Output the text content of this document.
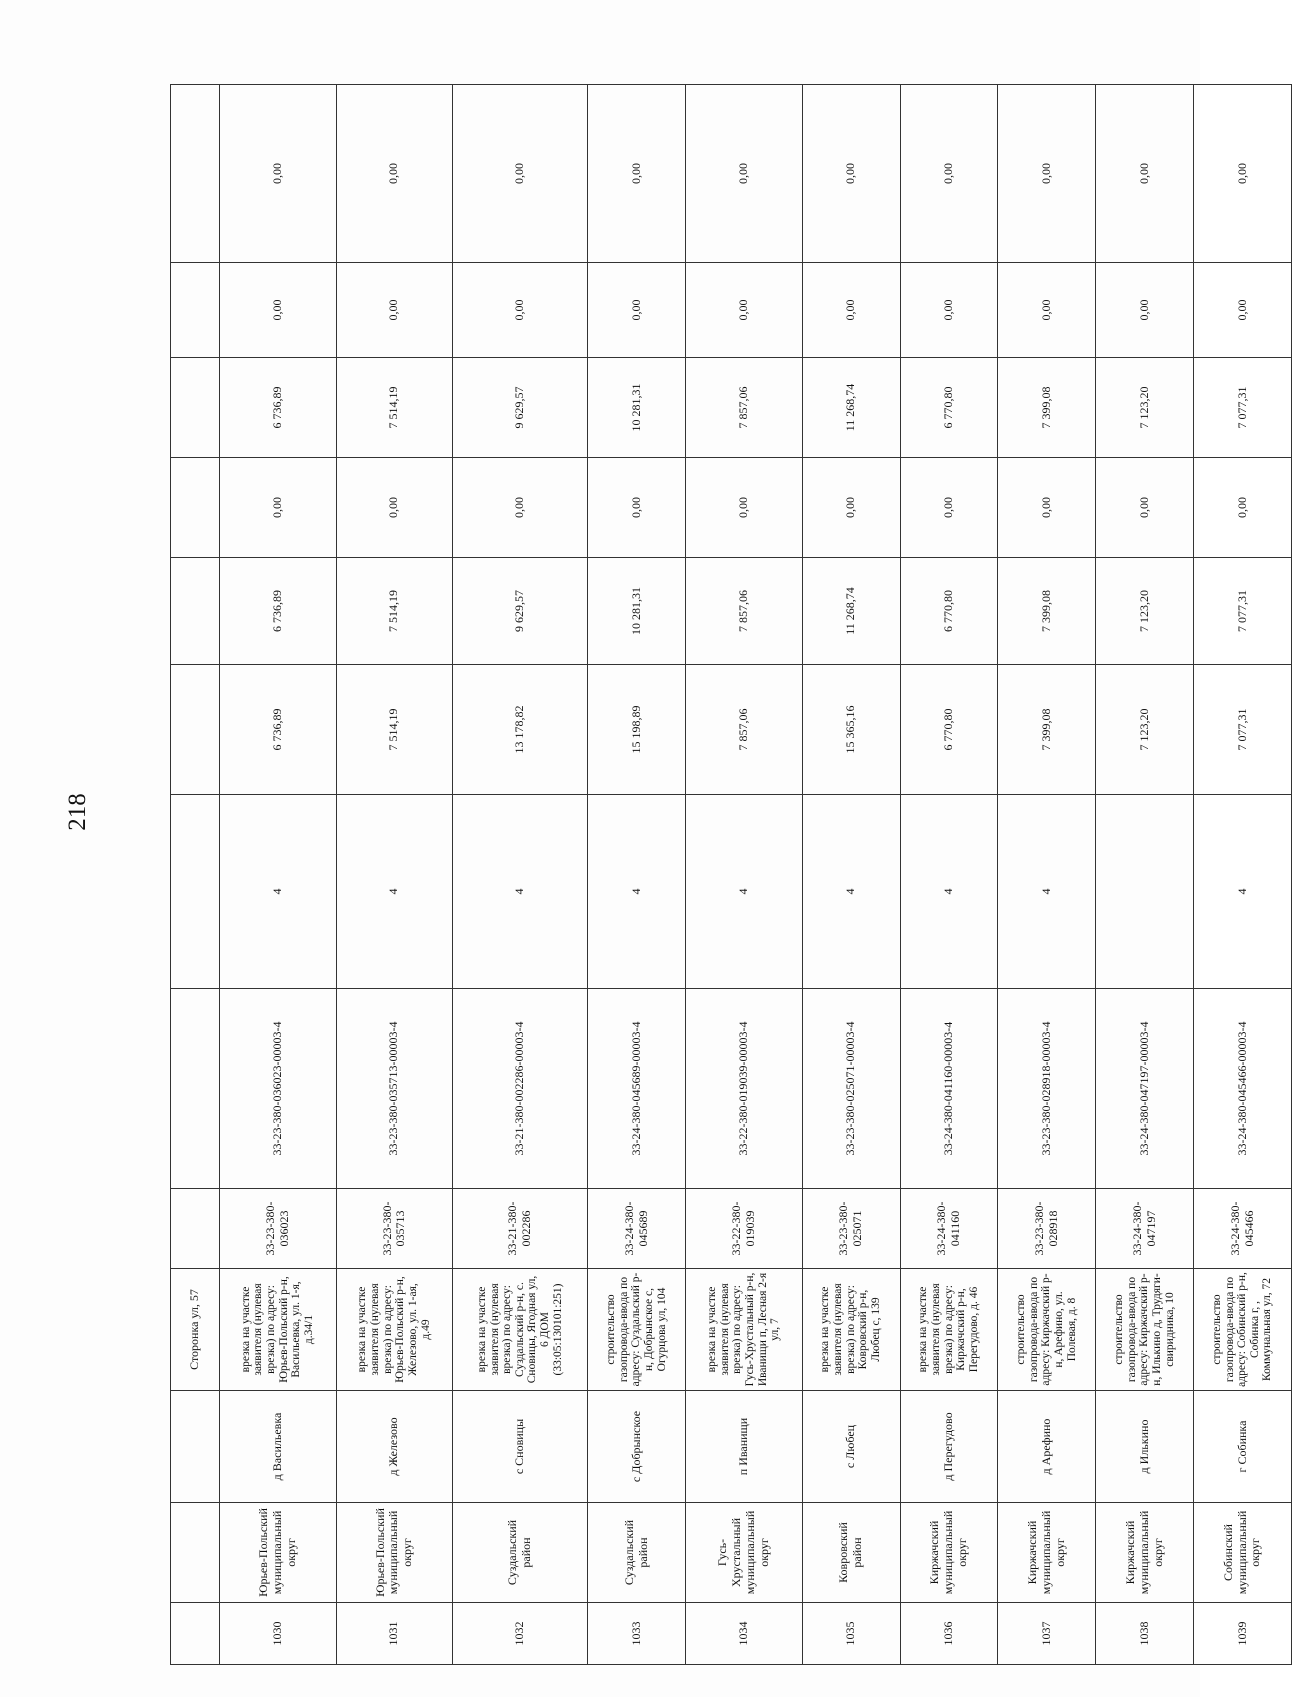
218
			Сторонка ул, 57									
1030	Юрьев-Польский муниципальный округ	д Васильевка	врезка на участке заявителя (нулевая врезка) по адресу: Юрьев-Польский р-н, Васильевка, ул. 1-я, д.34/1	33-23-380-036023	33-23-380-036023-00003-4	4	6 736,89	6 736,89	0,00	6 736,89	0,00	0,00
1031	Юрьев-Польский муниципальный округ	д Железово	врезка на участке заявителя (нулевая врезка) по адресу: Юрьев-Польский р-н, Железово, ул. 1-ая, д.49	33-23-380-035713	33-23-380-035713-00003-4	4	7 514,19	7 514,19	0,00	7 514,19	0,00	0,00
1032	Суздальский район	с Сновицы	врезка на участке заявителя (нулевая врезка) по адресу: Суздальский р-н, с. Сновицы, Ягодная ул, 6 ДОМ (33:05:130101:251)	33-21-380-002286	33-21-380-002286-00003-4	4	13 178,82	9 629,57	0,00	9 629,57	0,00	0,00
1033	Суздальский район	с Добрынское	строительство газопровода-ввода по адресу: Суздальский р-н, Добрынское с, Огурцова ул, 104	33-24-380-045689	33-24-380-045689-00003-4	4	15 198,89	10 281,31	0,00	10 281,31	0,00	0,00
1034	Гусь-Хрустальный муниципальный округ	п Иванищи	врезка на участке заявителя (нулевая врезка) по адресу: Гусь-Хрустальный р-н, Иванищи п, Лесная 2-я ул, 7	33-22-380-019039	33-22-380-019039-00003-4	4	7 857,06	7 857,06	0,00	7 857,06	0,00	0,00
1035	Ковровский район	с Любец	врезка на участке заявителя (нулевая врезка) по адресу: Ковровский р-н, Любец с, 139	33-23-380-025071	33-23-380-025071-00003-4	4	15 365,16	11 268,74	0,00	11 268,74	0,00	0,00
1036	Киржачский муниципальный округ	д Перегудово	врезка на участке заявителя (нулевая врезка) по адресу: Киржачский р-н, Перегудово, д. 46	33-24-380-041160	33-24-380-041160-00003-4	4	6 770,80	6 770,80	0,00	6 770,80	0,00	0,00
1037	Киржачский муниципальный округ	д Арефино	строительство газопровода-ввода по адресу: Киржачский р-н, Арефино, ул. Полевая, д. 8	33-23-380-028918	33-23-380-028918-00003-4	4	7 399,08	7 399,08	0,00	7 399,08	0,00	0,00
1038	Киржачский муниципальный округ	д Илькино	строительство газопровода-ввода по адресу: Киржачский р-н, Илькино д, Трудяги-свиридника, 10	33-24-380-047197	33-24-380-047197-00003-4		7 123,20	7 123,20	0,00	7 123,20	0,00	0,00
1039	Собинский муниципальный округ	г Собинка	строительство газопровода-ввода по адресу: Собинский р-н, Собинка г, , Коммунальная ул, 72	33-24-380-045466	33-24-380-045466-00003-4	4	7 077,31	7 077,31	0,00	7 077,31	0,00	0,00
